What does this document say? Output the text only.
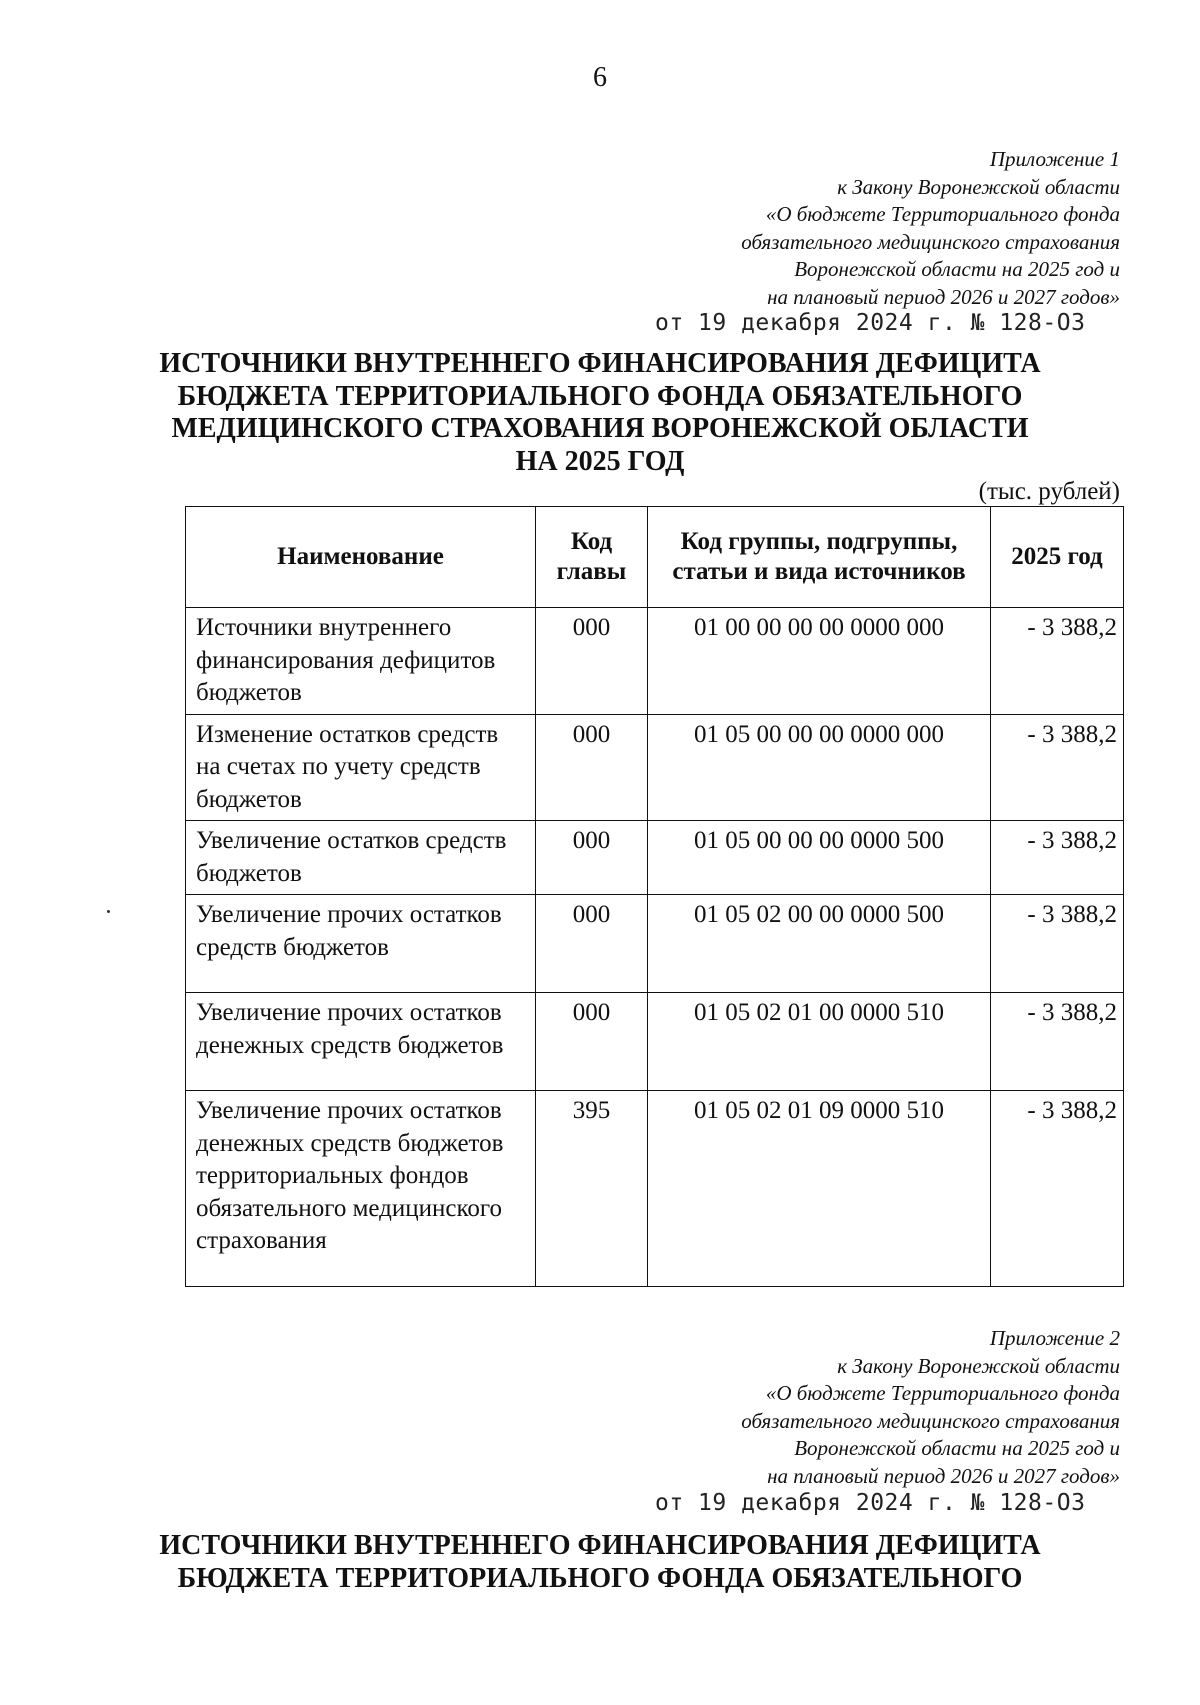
6
Приложение 1
к Закону Воронежской области
«О бюджете Территориального фонда
обязательного медицинского страхования
Воронежской области на 2025 год и
на плановый период 2026 и 2027 годов»
от 19 декабря 2024 г. № 128-ОЗ
ИСТОЧНИКИ ВНУТРЕННЕГО ФИНАНСИРОВАНИЯ ДЕФИЦИТА
БЮДЖЕТА ТЕРРИТОРИАЛЬНОГО ФОНДА ОБЯЗАТЕЛЬНОГО
МЕДИЦИНСКОГО СТРАХОВАНИЯ ВОРОНЕЖСКОЙ ОБЛАСТИ
НА 2025 ГОД
(тыс. рублей)
Наименование	Код главы	Код группы, подгруппы, статьи и вида источников	2025 год
Источники внутреннего финансирования дефицитов бюджетов	000	01 00 00 00 00 0000 000	- 3 388,2
Изменение остатков средств на счетах по учету средств бюджетов	000	01 05 00 00 00 0000 000	- 3 388,2
Увеличение остатков средств бюджетов	000	01 05 00 00 00 0000 500	- 3 388,2
Увеличение прочих остатков средств бюджетов	000	01 05 02 00 00 0000 500	- 3 388,2
Увеличение прочих остатков денежных средств бюджетов	000	01 05 02 01 00 0000 510	- 3 388,2
Увеличение прочих остатков денежных средств бюджетов территориальных фондов обязательного медицинского страхования	395	01 05 02 01 09 0000 510	- 3 388,2
Приложение 2
к Закону Воронежской области
«О бюджете Территориального фонда
обязательного медицинского страхования
Воронежской области на 2025 год и
на плановый период 2026 и 2027 годов»
от 19 декабря 2024 г. № 128-ОЗ
ИСТОЧНИКИ ВНУТРЕННЕГО ФИНАНСИРОВАНИЯ ДЕФИЦИТА
БЮДЖЕТА ТЕРРИТОРИАЛЬНОГО ФОНДА ОБЯЗАТЕЛЬНОГО
